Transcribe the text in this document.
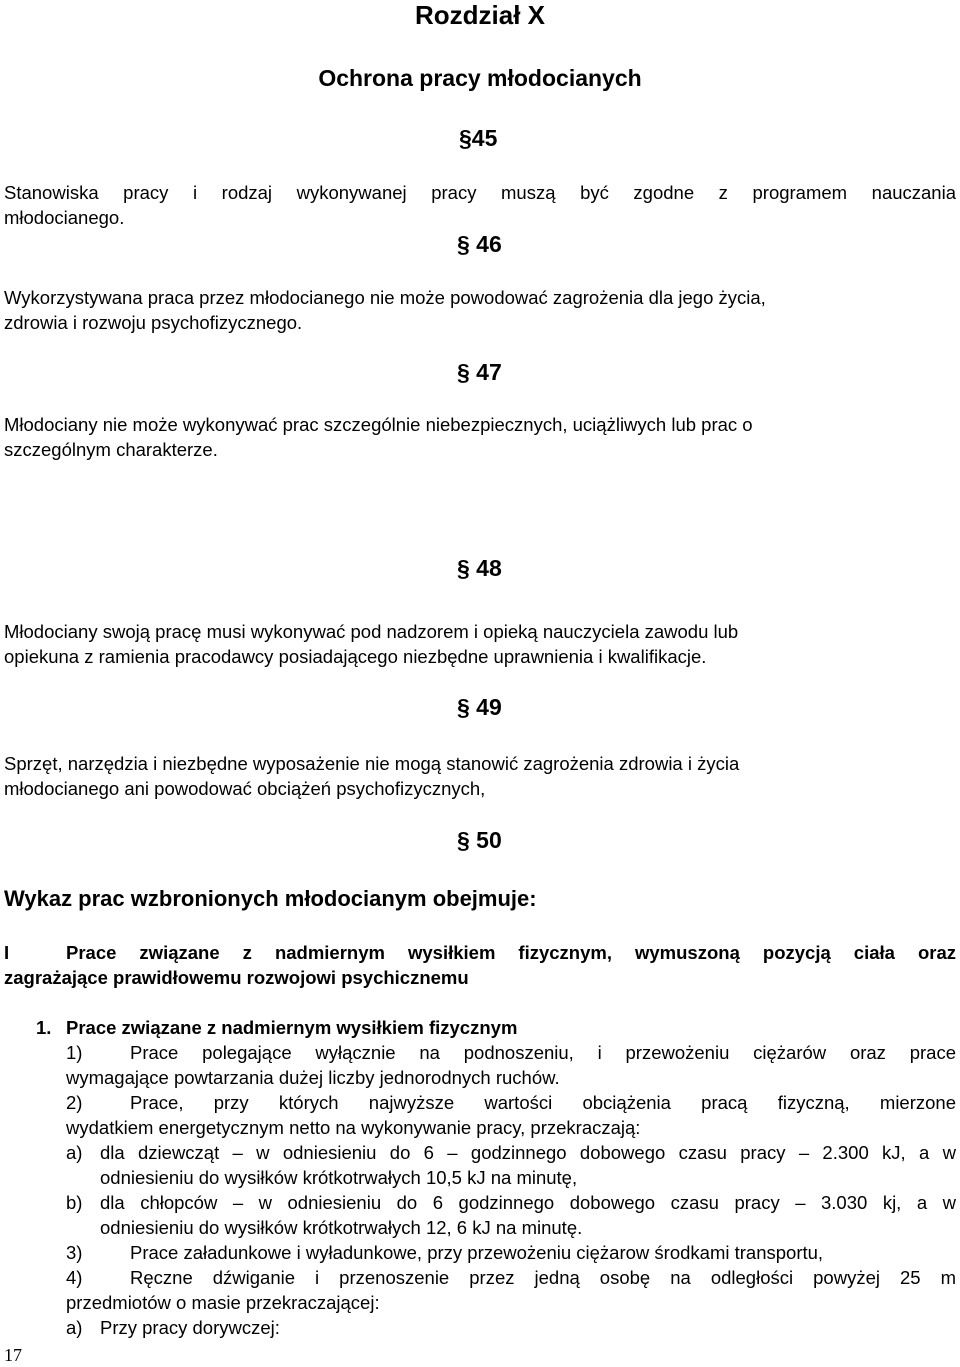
Rozdział X
Ochrona pracy młodocianych
§45
Stanowiska pracy i rodzaj wykonywanej pracy muszą być zgodne z programem nauczania
młodocianego.
§ 46
Wykorzystywana praca przez młodocianego nie może powodować zagrożenia dla jego życia,
zdrowia i rozwoju psychofizycznego.
§ 47
Młodociany nie może wykonywać prac szczególnie niebezpiecznych, uciążliwych lub prac o
szczególnym charakterze.
§ 48
Młodociany swoją pracę musi wykonywać pod nadzorem i opieką nauczyciela zawodu lub
opiekuna z ramienia pracodawcy posiadającego niezbędne uprawnienia i kwalifikacje.
§ 49
Sprzęt, narzędzia i niezbędne wyposażenie nie mogą stanowić zagrożenia zdrowia i życia
młodocianego ani powodować obciążeń psychofizycznych,
§ 50
Wykaz prac wzbronionych młodocianym obejmuje:
I	Prace związane z nadmiernym wysiłkiem fizycznym, wymuszoną pozycją ciała oraz
zagrażające prawidłowemu rozwojowi psychicznemu
1. Prace związane z nadmiernym wysiłkiem fizycznym
1)	Prace polegające wyłącznie na podnoszeniu, i przewożeniu ciężarów oraz prace
wymagające powtarzania dużej liczby jednorodnych ruchów.
2)	Prace, przy których najwyższe wartości obciążenia pracą fizyczną, mierzone
wydatkiem energetycznym netto na wykonywanie pracy, przekraczają:
a) dla dziewcząt – w odniesieniu do 6 – godzinnego dobowego czasu pracy – 2.300 kJ, a w
odniesieniu do wysiłków krótkotrwałych 10,5 kJ na minutę,
b) dla chłopców – w odniesieniu do 6 godzinnego dobowego czasu pracy – 3.030 kj, a w
odniesieniu do wysiłków krótkotrwałych 12, 6 kJ na minutę.
3)	Prace załadunkowe i wyładunkowe, przy przewożeniu ciężarow środkami transportu,
4)	Ręczne dźwiganie i przenoszenie przez jedną osobę na odległości powyżej 25 m
przedmiotów o masie przekraczającej:
a) Przy pracy dorywczej:
17
